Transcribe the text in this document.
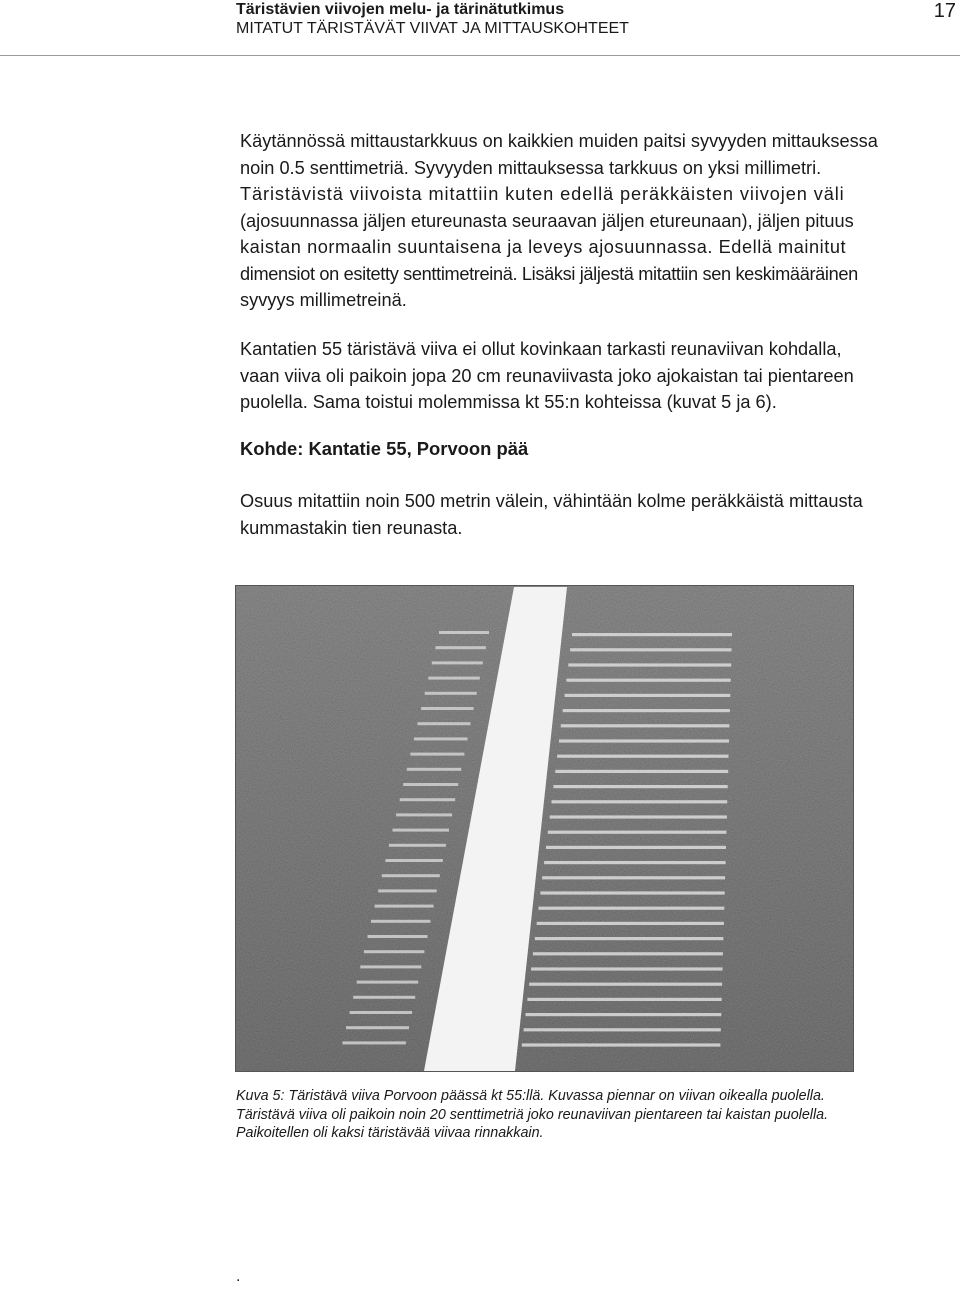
Täristävien viivojen melu- ja tärinätutkimus
MITATUT TÄRISTÄVÄT VIIVAT JA MITTAUSKOHTEET
17
Käytännössä mittaustarkkuus on kaikkien muiden paitsi syvyyden mittauksessa
noin 0.5 senttimetriä. Syvyyden mittauksessa tarkkuus on yksi millimetri.
Täristävistä viivoista mitattiin kuten edellä peräkkäisten viivojen väli
(ajosuunnassa jäljen etureunasta seuraavan jäljen etureunaan), jäljen pituus
kaistan normaalin suuntaisena ja leveys ajosuunnassa. Edellä mainitut
dimensiot on esitetty senttimetreinä. Lisäksi jäljestä mitattiin sen keskimääräinen
syvyys millimetreinä.
Kantatien 55 täristävä viiva ei ollut kovinkaan tarkasti reunaviivan kohdalla,
vaan viiva oli paikoin jopa 20 cm reunaviivasta joko ajokaistan tai pientareen
puolella. Sama toistui molemmissa kt 55:n kohteissa (kuvat 5 ja 6).
Kohde: Kantatie 55, Porvoon pää
Osuus mitattiin noin 500 metrin välein, vähintään kolme peräkkäistä mittausta
kummastakin tien reunasta.
Kuva 5: Täristävä viiva Porvoon päässä kt 55:llä. Kuvassa piennar on viivan oikealla puolella.
Täristävä viiva oli paikoin noin 20 senttimetriä joko reunaviivan pientareen tai kaistan puolella.
Paikoitellen oli kaksi täristävää viivaa rinnakkain.
.
